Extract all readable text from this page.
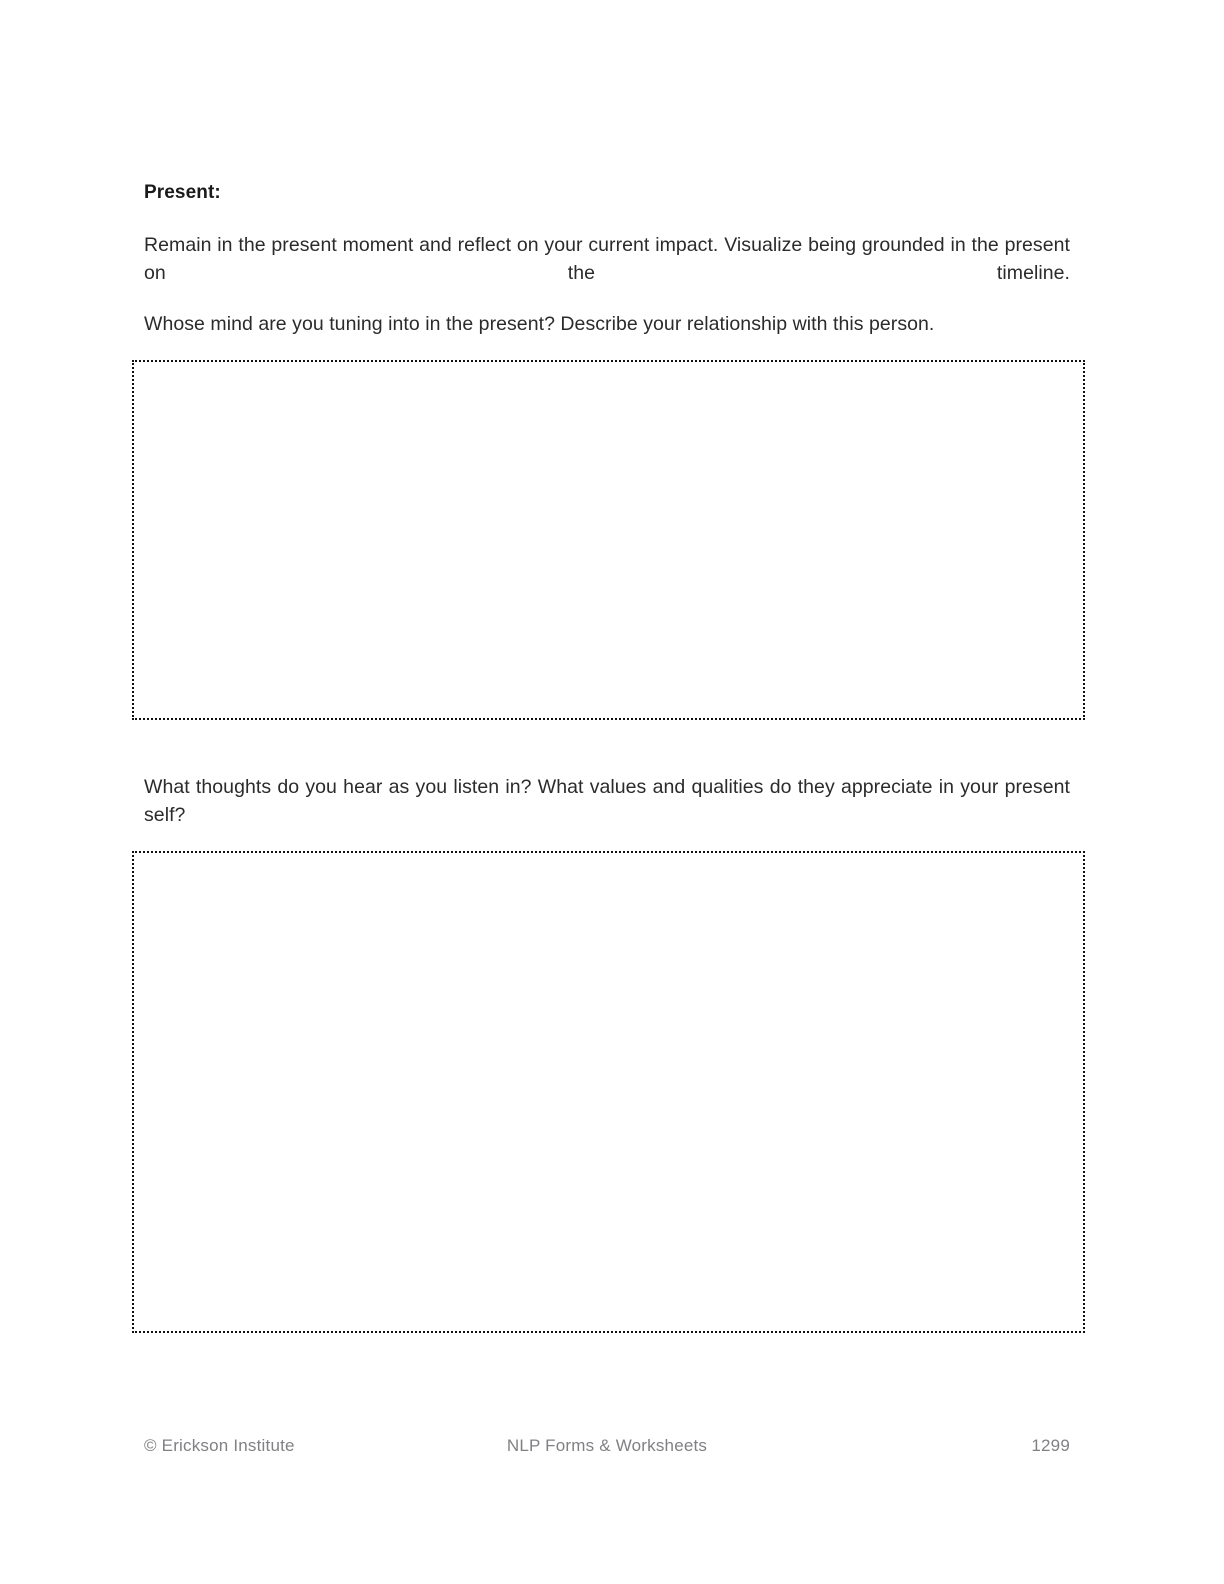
Present:

Remain in the present moment and reflect on your current impact. Visualize being grounded in the present on the timeline.

Whose mind are you tuning into in the present? Describe your relationship with this person.

What thoughts do you hear as you listen in? What values and qualities do they appreciate in your present self?

© Erickson Institute	NLP Forms & Worksheets	1299
